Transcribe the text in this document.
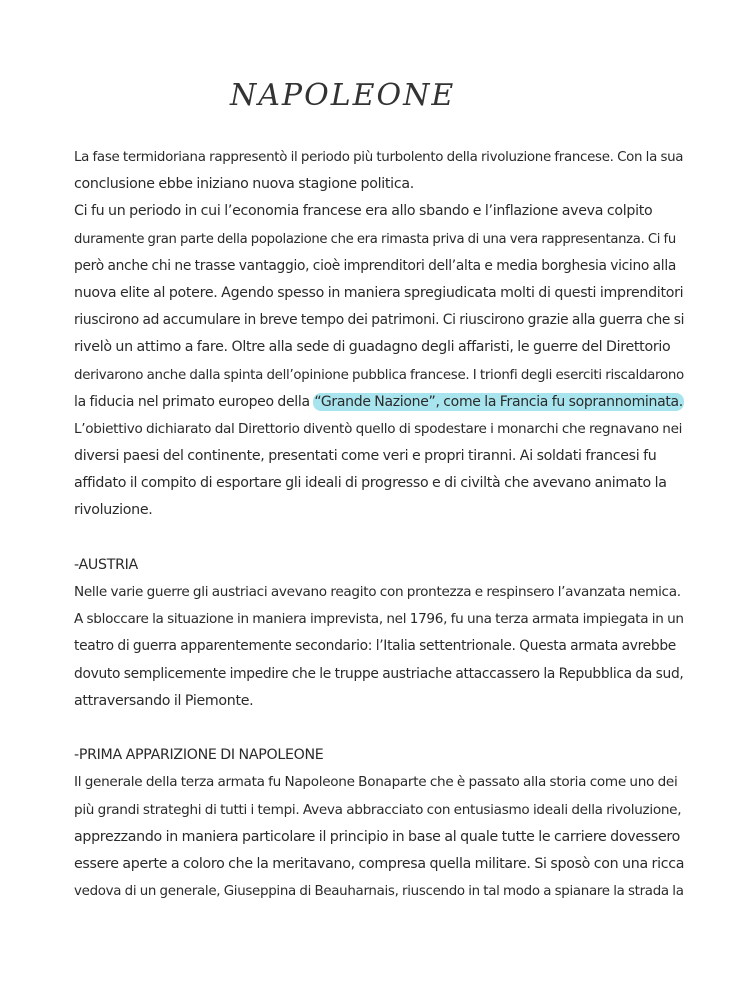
NAPOLEONE
La fase termidoriana rappresentò il periodo più turbolento della rivoluzione francese. Con la sua
conclusione ebbe iniziano nuova stagione politica.
Ci fu un periodo in cui l’economia francese era allo sbando e l’inflazione aveva colpito
duramente gran parte della popolazione che era rimasta priva di una vera rappresentanza. Ci fu
però anche chi ne trasse vantaggio, cioè imprenditori dell’alta e media borghesia vicino alla
nuova elite al potere. Agendo spesso in maniera spregiudicata molti di questi imprenditori
riuscirono ad accumulare in breve tempo dei patrimoni. Ci riuscirono grazie alla guerra che si
rivelò un attimo a fare. Oltre alla sede di guadagno degli affaristi, le guerre del Direttorio
derivarono anche dalla spinta dell’opinione pubblica francese. I trionfi degli eserciti riscaldarono
la fiducia nel primato europeo della “Grande Nazione”, come la Francia fu soprannominata.
L’obiettivo dichiarato dal Direttorio diventò quello di spodestare i monarchi che regnavano nei
diversi paesi del continente, presentati come veri e propri tiranni. Ai soldati francesi fu
affidato il compito di esportare gli ideali di progresso e di civiltà che avevano animato la
rivoluzione.
-AUSTRIA
Nelle varie guerre gli austriaci avevano reagito con prontezza e respinsero l’avanzata nemica.
A sbloccare la situazione in maniera imprevista, nel 1796, fu una terza armata impiegata in un
teatro di guerra apparentemente secondario: l’Italia settentrionale. Questa armata avrebbe
dovuto semplicemente impedire che le truppe austriache attaccassero la Repubblica da sud,
attraversando il Piemonte.
-PRIMA APPARIZIONE DI NAPOLEONE
Il generale della terza armata fu Napoleone Bonaparte che è passato alla storia come uno dei
più grandi strateghi di tutti i tempi. Aveva abbracciato con entusiasmo ideali della rivoluzione,
apprezzando in maniera particolare il principio in base al quale tutte le carriere dovessero
essere aperte a coloro che la meritavano, compresa quella militare. Si sposò con una ricca
vedova di un generale, Giuseppina di Beauharnais, riuscendo in tal modo a spianare la strada la
